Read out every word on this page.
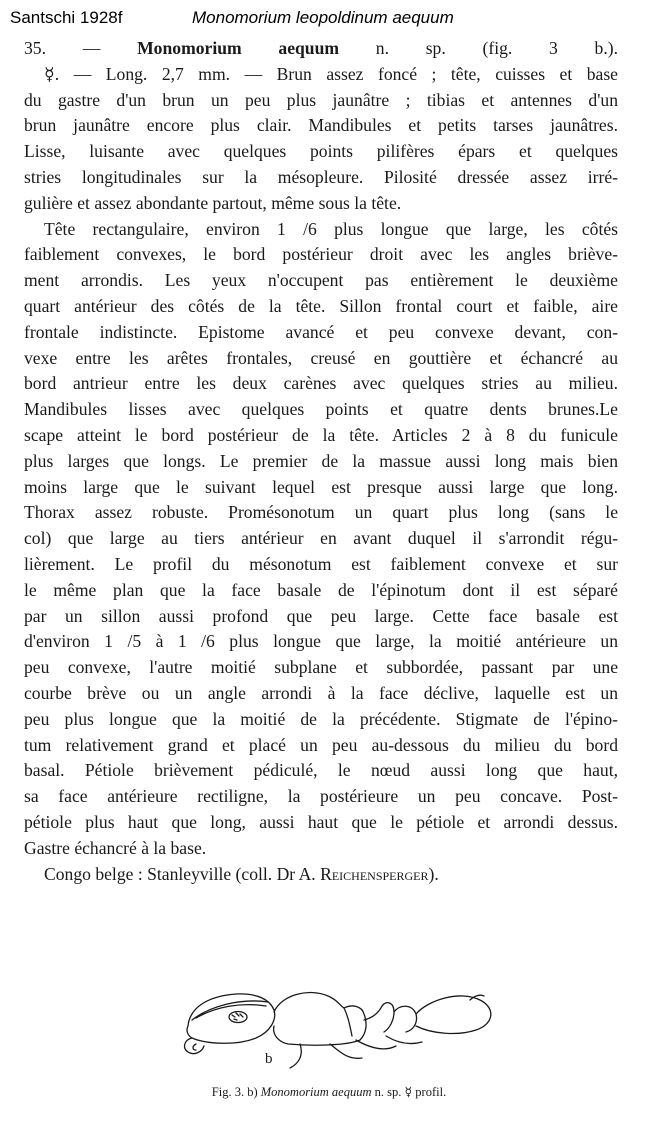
Santschi 1928f	Monomorium leopoldinum aequum
35. — Monomorium aequum n. sp. (fig. 3 b.).
☿. — Long. 2,7 mm. — Brun assez foncé ; tête, cuisses et base
du gastre d'un brun un peu plus jaunâtre ; tibias et antennes d'un
brun jaunâtre encore plus clair. Mandibules et petits tarses jaunâtres.
Lisse, luisante avec quelques points pilifères épars et quelques
stries longitudinales sur la mésopleure. Pilosité dressée assez irré-
gulière et assez abondante partout, même sous la tête.
Tête rectangulaire, environ 1 /6 plus longue que large, les côtés
faiblement convexes, le bord postérieur droit avec les angles briève-
ment arrondis. Les yeux n'occupent pas entièrement le deuxième
quart antérieur des côtés de la tête. Sillon frontal court et faible, aire
frontale indistincte. Epistome avancé et peu convexe devant, con-
vexe entre les arêtes frontales, creusé en gouttière et échancré au
bord antrieur entre les deux carènes avec quelques stries au milieu.
Mandibules lisses avec quelques points et quatre dents brunes.Le
scape atteint le bord postérieur de la tête. Articles 2 à 8 du funicule
plus larges que longs. Le premier de la massue aussi long mais bien
moins large que le suivant lequel est presque aussi large que long.
Thorax assez robuste. Promésonotum un quart plus long (sans le
col) que large au tiers antérieur en avant duquel il s'arrondit régu-
lièrement. Le profil du mésonotum est faiblement convexe et sur
le même plan que la face basale de l'épinotum dont il est séparé
par un sillon aussi profond que peu large. Cette face basale est
d'environ 1 /5 à 1 /6 plus longue que large, la moitié antérieure un
peu convexe, l'autre moitié subplane et subbordée, passant par une
courbe brève ou un angle arrondi à la face déclive, laquelle est un
peu plus longue que la moitié de la précédente. Stigmate de l'épino-
tum relativement grand et placé un peu au-dessous du milieu du bord
basal. Pétiole brièvement pédiculé, le nœud aussi long que haut,
sa face antérieure rectiligne, la postérieure un peu concave. Post-
pétiole plus haut que long, aussi haut que le pétiole et arrondi dessus.
Gastre échancré à la base.
Congo belge : Stanleyville (coll. Dr A. Reichensperger).
b
Fig. 3. b) Monomorium aequum n. sp. ☿ profil.
